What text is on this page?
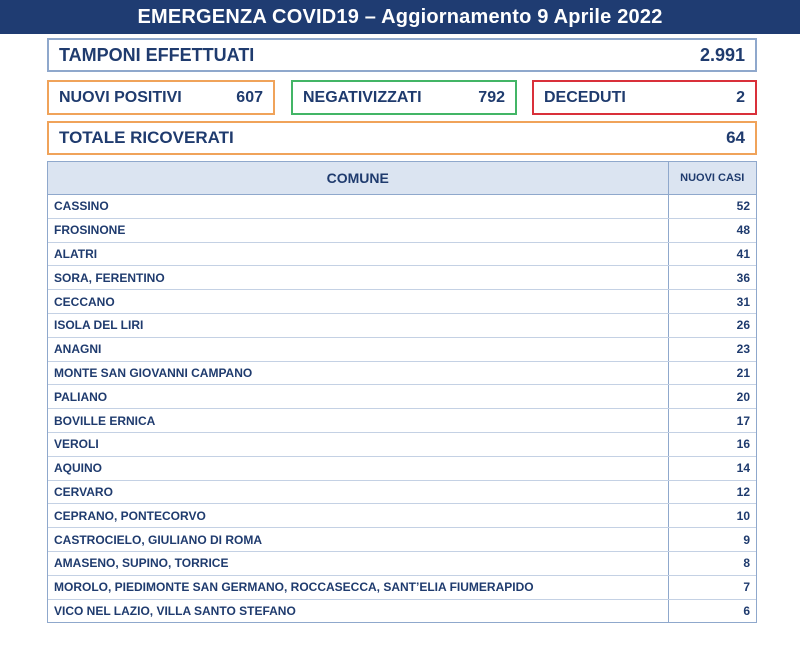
EMERGENZA COVID19 – Aggiornamento 9 Aprile 2022
TAMPONI EFFETTUATI	2.991
NUOVI POSITIVI	607	NEGATIVIZZATI	792 DECEDUTI	2
TOTALE RICOVERATI	64
COMUNE	NUOVI CASI
CASSINO	52
FROSINONE	48
ALATRI	41
SORA, FERENTINO	36
CECCANO	31
ISOLA DEL LIRI	26
ANAGNI	23
MONTE SAN GIOVANNI CAMPANO	21
PALIANO	20
BOVILLE ERNICA	17
VEROLI	16
AQUINO	14
CERVARO	12
CEPRANO, PONTECORVO	10
CASTROCIELO, GIULIANO DI ROMA	9
AMASENO, SUPINO, TORRICE	8
MOROLO, PIEDIMONTE SAN GERMANO, ROCCASECCA, SANT’ELIA FIUMERAPIDO	7
VICO NEL LAZIO, VILLA SANTO STEFANO	6
